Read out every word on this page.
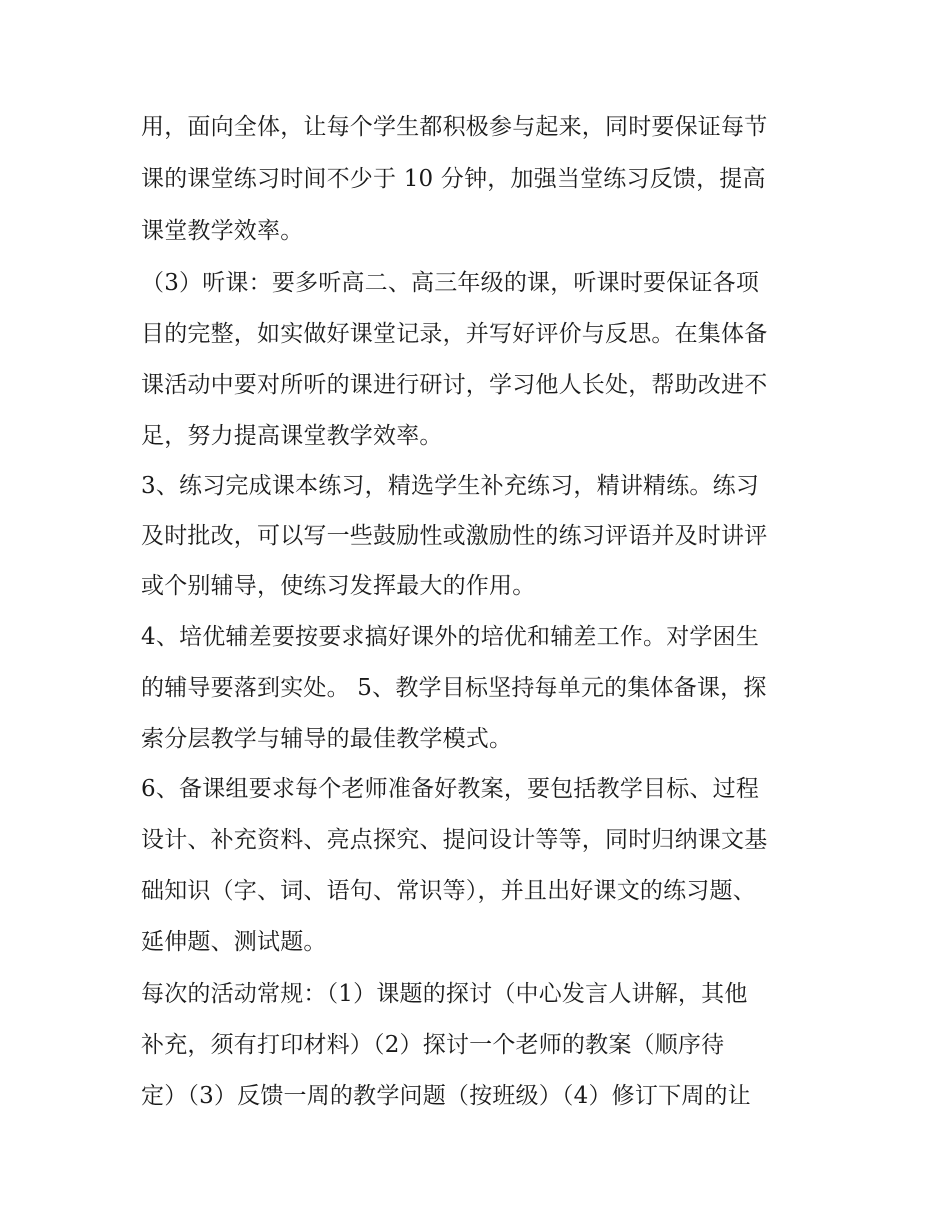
用，面向全体，让每个学生都积极参与起来，同时要保证每节
课的课堂练习时间不少于 10 分钟，加强当堂练习反馈，提高
课堂教学效率。
（3）听课：要多听高二、高三年级的课，听课时要保证各项
目的完整，如实做好课堂记录，并写好评价与反思。在集体备
课活动中要对所听的课进行研讨，学习他人长处，帮助改进不
足，努力提高课堂教学效率。
3、练习完成课本练习，精选学生补充练习，精讲精练。练习
及时批改，可以写一些鼓励性或激励性的练习评语并及时讲评
或个别辅导，使练习发挥最大的作用。
4、培优辅差要按要求搞好课外的培优和辅差工作。对学困生
的辅导要落到实处。 5、教学目标坚持每单元的集体备课，探
索分层教学与辅导的最佳教学模式。
6、备课组要求每个老师准备好教案，要包括教学目标、过程
设计、补充资料、亮点探究、提问设计等等，同时归纳课文基
础知识（字、词、语句、常识等），并且出好课文的练习题、
延伸题、测试题。
每次的活动常规：（1）课题的探讨（中心发言人讲解，其他
补充，须有打印材料）（2）探讨一个老师的教案（顺序待
定）（3）反馈一周的教学问题（按班级）（4）修订下周的让
